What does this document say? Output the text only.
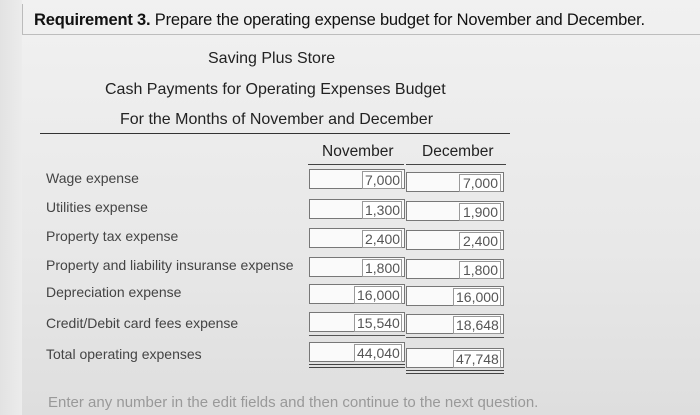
Requirement 3. Prepare the operating expense budget for November and December.
Saving Plus Store
Cash Payments for Operating Expenses Budget
For the Months of November and December
November December
Wage expense	7,000	7,000
Utilities expense	1,300	1,900
Property tax expense	2,400	2,400
Property and liability insuranse expense	1,800	1,800
Depreciation expense	16,000	16,000
Credit/Debit card fees expense	15,540	18,648
Total operating expenses	44,040	47,748
Enter any number in the edit fields and then continue to the next question.
